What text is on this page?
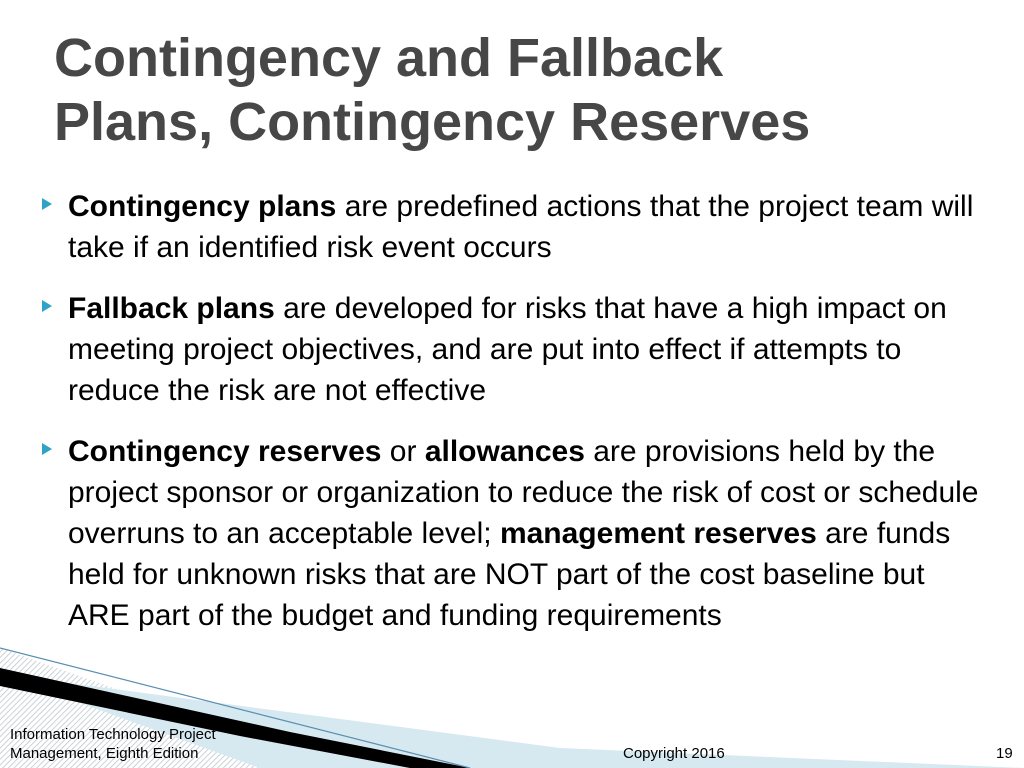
Contingency and Fallback
Plans, Contingency Reserves
Contingency plans are predefined actions that the project team will take if an identified risk event occurs
Fallback plans are developed for risks that have a high impact on meeting project objectives, and are put into effect if attempts to reduce the risk are not effective
Contingency reserves or allowances are provisions held by the project sponsor or organization to reduce the risk of cost or schedule overruns to an acceptable level; management reserves are funds held for unknown risks that are NOT part of the cost baseline but ARE part of the budget and funding requirements
Information Technology Project
Management, Eighth Edition	Copyright 2016	19
